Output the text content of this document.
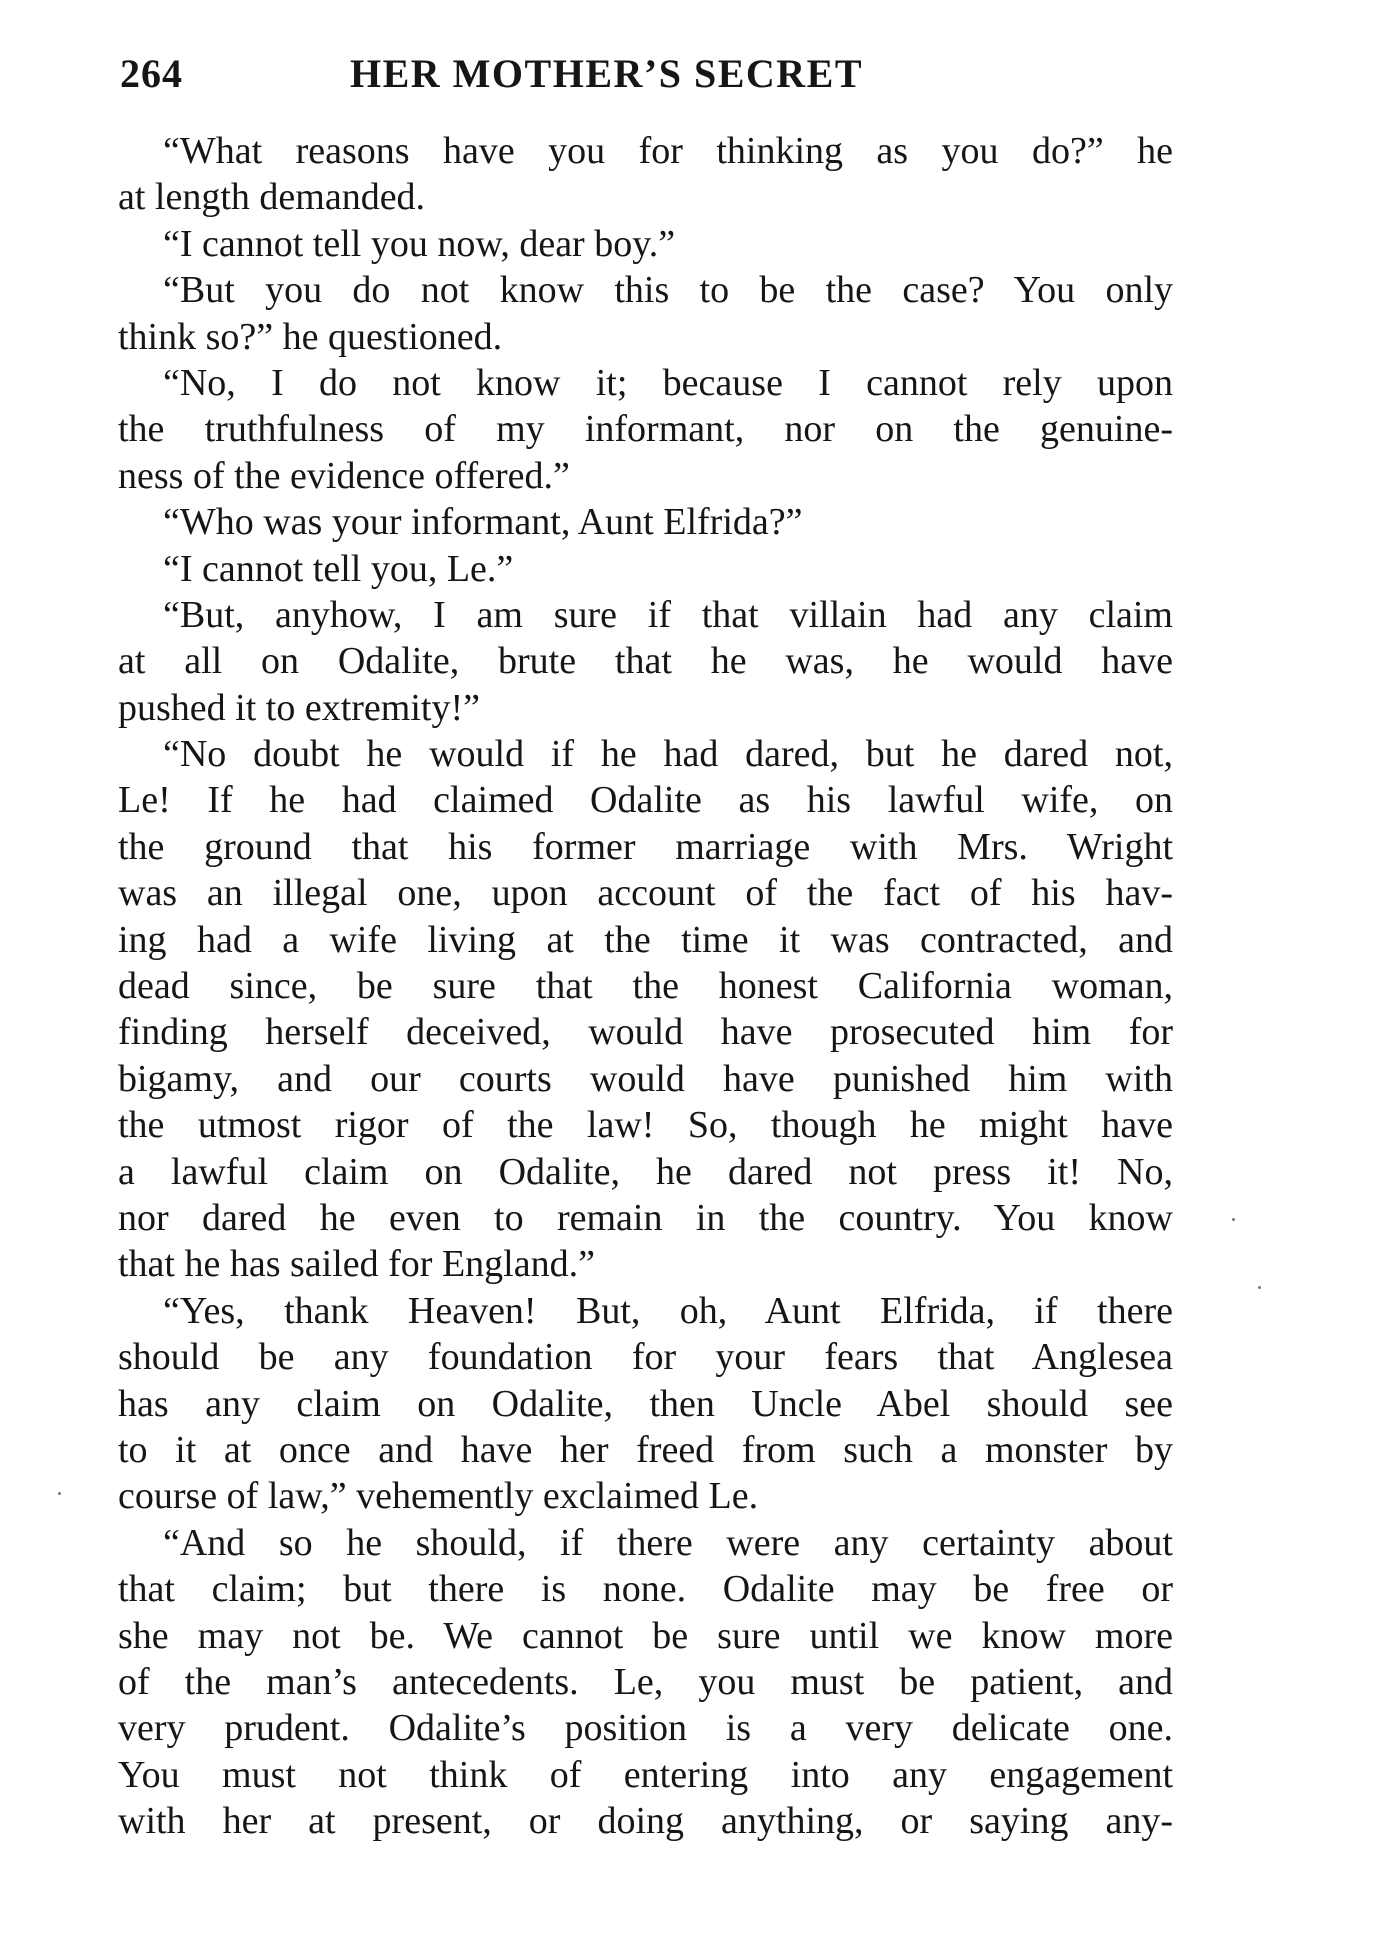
264	HER MOTHER’S SECRET
“What reasons have you for thinking as you do?” he
at length demanded.
“I cannot tell you now, dear boy.”
“But you do not know this to be the case? You only
think so?” he questioned.
“No, I do not know it; because I cannot rely upon
the truthfulness of my informant, nor on the genuine-
ness of the evidence offered.”
“Who was your informant, Aunt Elfrida?”
“I cannot tell you, Le.”
“But, anyhow, I am sure if that villain had any claim
at all on Odalite, brute that he was, he would have
pushed it to extremity!”
“No doubt he would if he had dared, but he dared not,
Le! If he had claimed Odalite as his lawful wife, on
the ground that his former marriage with Mrs. Wright
was an illegal one, upon account of the fact of his hav-
ing had a wife living at the time it was contracted, and
dead since, be sure that the honest California woman,
finding herself deceived, would have prosecuted him for
bigamy, and our courts would have punished him with
the utmost rigor of the law! So, though he might have
a lawful claim on Odalite, he dared not press it! No,
nor dared he even to remain in the country. You know
that he has sailed for England.”
“Yes, thank Heaven! But, oh, Aunt Elfrida, if there
should be any foundation for your fears that Anglesea
has any claim on Odalite, then Uncle Abel should see
to it at once and have her freed from such a monster by
course of law,” vehemently exclaimed Le.
“And so he should, if there were any certainty about
that claim; but there is none. Odalite may be free or
she may not be. We cannot be sure until we know more
of the man’s antecedents. Le, you must be patient, and
very prudent. Odalite’s position is a very delicate one.
You must not think of entering into any engagement
with her at present, or doing anything, or saying any-
